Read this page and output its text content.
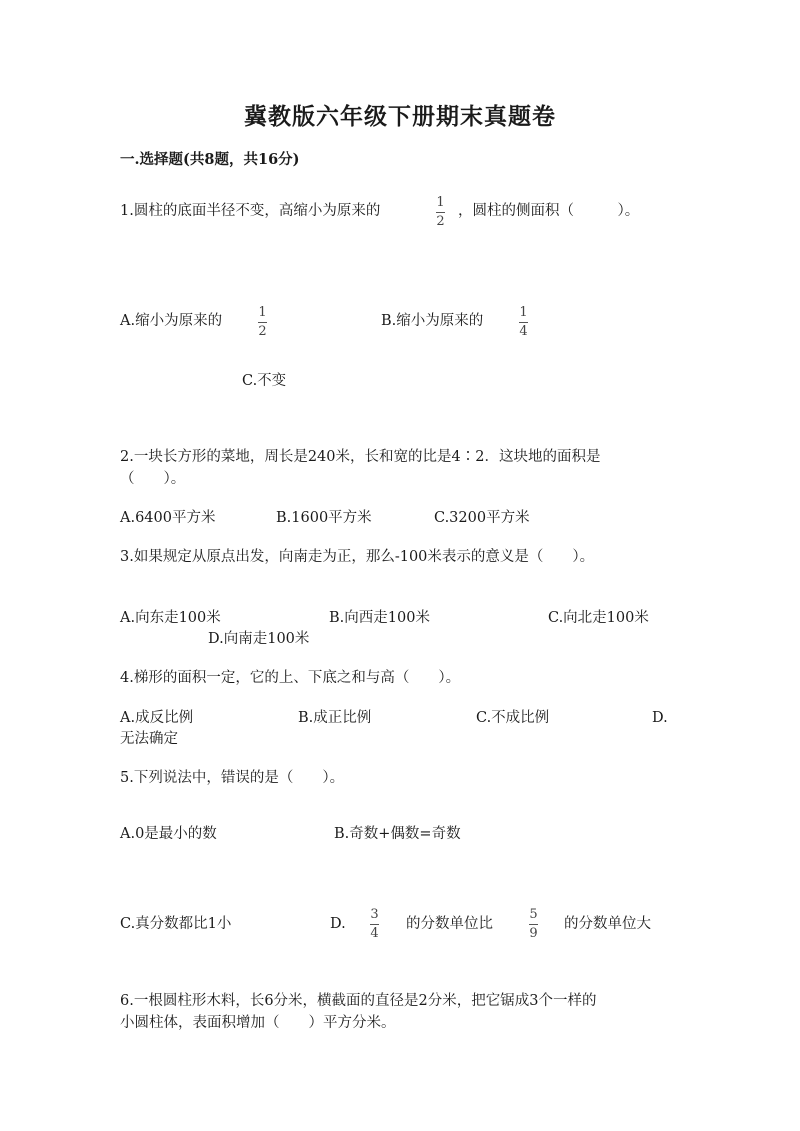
冀教版六年级下册期末真题卷
一.选择题(共8题，共16分)
1.圆柱的底面半径不变，高缩小为原来的
1
2
，圆柱的侧面积（　　　）。
A.缩小为原来的
1
2
B.缩小为原来的
1
4
C.不变
2.一块长方形的菜地，周长是240米，长和宽的比是4∶2．这块地的面积是
（　　）。
A.6400平方米	B.1600平方米	C.3200平方米
3.如果规定从原点出发，向南走为正，那么-100米表示的意义是（　　）。
A.向东走100米	B.向西走100米	C.向北走100米
D.向南走100米
4.梯形的面积一定，它的上、下底之和与高（　　）。
A.成反比例	B.成正比例	C.不成比例	D.
无法确定
5.下列说法中，错误的是（　　）。
A.0是最小的数	B.奇数+偶数=奇数
C.真分数都比1小	D.
3
4
的分数单位比
5
9
的分数单位大
6.一根圆柱形木料，长6分米，横截面的直径是2分米，把它锯成3个一样的
小圆柱体，表面积增加（　　）平方分米。
